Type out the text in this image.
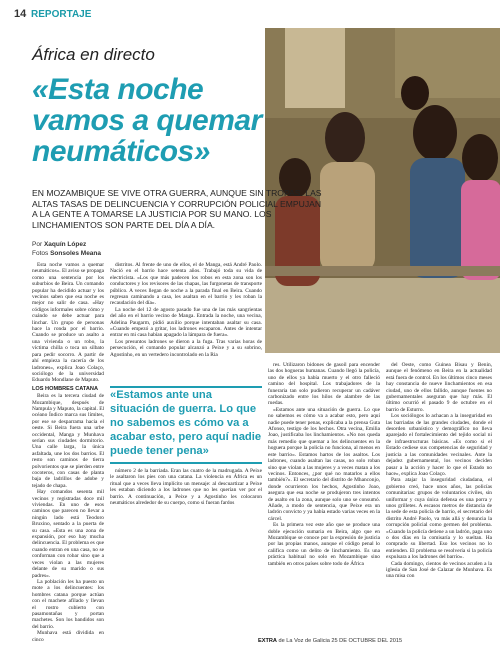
14 REPORTAJE
África en directo
«Esta noche vamos a quemar neumáticos»
EN MOZAMBIQUE SE VIVE OTRA GUERRA, AUNQUE SIN TROPAS. LAS ALTAS TASAS DE DELINCUENCIA Y CORRUPCIÓN POLICIAL EMPUJAN A LA GENTE A TOMARSE LA JUSTICIA POR SU MANO. LOS LINCHAMIENTOS SON PARTE DEL DÍA A DÍA.
Por Xaquín López
Fotos Sonsoles Meana

Esta noche vamos a quemar neumáticos». El aviso se propaga como una sentencia por los suburbios de Beira. Un comando popular ha decidido actuar y los vecinos saben que esa noche es mejor no salir de casa. «Hay códigos informales sobre cómo y cuándo se debe actuar para linchar. Un grupo de personas hace la ronda por el barrio. Cuando se produce un asalto a una vivienda o un robo, la víctima chilla o toca un silbato para pedir socorro. A partir de ahí empieza la cacería de los ladrones», explica Joao Colaço, sociólogo de la universidad Eduardo Mondlane de Maputo.

LOS HOMBRES CATANA

Beira es la tercera ciudad de Mozambique, después de Nampula y Maputo, la capital. El océano Índico marca sus límites, por ese se desparrama hacia el oeste. Si Beira fuera una urbe occidental, Manga y Munhava serían sus ciudades dormitorio. Una calle larga, la única asfaltada, une los dos barrios. El resto son caminos de tierra polvorientos que se pierden entre cocoteros, con casas de planta baja de ladrillos de adobe y tejado de chapa.

Hay comandos sesenta mil vecinos y registradas doce mil viviendas. En uno de esos caminos que parecen no llevar a ningún lado está Teodoro Bruxino, sentado a la puerta de su casa. «Esta es una zona de expansión, por eso hay mucha delincuencia. El problema es que cuando entran en una casa, no se conforman con robar sino que a veces violan a las mujeres delante de su marido o sus padres».

La población les ha puesto un mote a los delincuentes: los hombres catana porque actúan con el machete afilado y llevan el rostro cubierto con pasamontañas y portan machetes. Son los bandidos son del barrio.

Munhava está dividida en cinco

distritos. Al frente de uno de ellos, el de Manga, está André Paolo. Nació en el barrio hace setenta años. Trabajó toda su vida de electricista. «Los que más padecen los robos en esta zona son los conductores y los revisores de las chapas, las furgonetas de transporte público. A veces llegan de noche a la parada final en Beira. Cuando regresan caminando a casa, les asaltan en el barrio y les roban la recaudación del día».

La noche del 12 de agosto pasado fue una de las más sangrientas del año en el barrio vecino de Manga. Entrada la noche, una vecina, Adelina Paugarm, pidió auxilio porque intentaban asaltar su casa. «Cuando empezó a gritar, los ladrones escaparon. Antes de intentar entrar en mi casa habían apagado la lámpara de fuera».

Los presuntos ladrones se dieron a la fuga. Tras varias horas de persecución, el comando popular alcanzó a Peixe y a su sobrino, Agostinho, en un vertedero incontrolado en la Ria

«Estamos ante una situación de guerra. Lo que no sabemos es cómo va a acabar esto, pero aquí nadie puede tener pena»

número 2 de la barriada. Eran las cuatro de la madrugada. A Peixe le asaltaron los pies con una catana. La violencia en África es un ritual que a veces lleva implícito un mensaje: al descuartizar a Peixe les estaban diciendo a los ladrones que no les querían ver por el barrio. A continuación, a Peixe y a Agostinho les colocaron neumáticos alrededor de su cuerpo, como si fueran fardos

res. Utilizaron bidones de gasoil para encender las dos hogueras humanas. Cuando llegó la policía, uno de ellos ya había muerto y el otro falleció camino del hospital. Los trabajadores de la funeraria tan solo pudieron recuperar un cadáver carbonizado entre los hilos de alambre de las ruedas.

«Estamos ante una situación de guerra. Lo que no sabemos es cómo va a acabar esto, pero aquí nadie puede tener penas, explicaba a la prensa Guta Afonso, testigo de los hechos. Otra vecina, Emilia Joao, justificaba los linchamientos. «No nos queda más remedio que quemar a los delincuentes en la hoguera porque la policía no funciona, al menos en este barrio». Estamos hartos de los asaltos. Los ladrones, cuando asaltan las casas, no solo roban sino que violan a las mujeres y a veces matan a los vecinos. Entonces, ¿por qué no matarlos a ellos también?». El secretario del distrito de Mhanconjo, donde ocurrieron los hechos, Agostinho Joao, asegura que esa noche se produjeron tres intentos de asalto en la zona, aunque solo uno se consumó. Añade, a modo de sentencia, que Peixe era un ladrón convicto y ya había estado varias veces en la cárcel.

Es la primera vez este año que se produce una doble ejecución sumaria en Beira, algo que en Mozambique se conoce por la expresión de justicia por las propias manos, aunque el código penal lo califica como un delito de linchamiento. Es una práctica habitual no solo en Mozambique sino también en otros países sobre todo de África

del Oeste, como Guinea Bisau y Benin, aunque el fenómeno en Beira en la actualidad está fuera de control. En los últimos cinco meses hay constancia de nueve linchamientos en esa ciudad, uno de ellos fallido, aunque fuentes no gubernamentales aseguran que hay más. El último ocurrió el pasado 9 de octubre en el barrio de Esturro.

Los sociólogos lo achacan a la inseguridad en las barriadas de las grandes ciudades, donde el desorden urbanístico y demográfico no lleva aparejado el fortalecimiento del tejido social ni de infraestructuras básicas. «Es como si el Estado cediese sus competencias de seguridad y justicia a las comunidades vecinales. Ante la dejadez gubernamental, los vecinos deciden pasar a la acción y hacer lo que el Estado no hace», explica Joao Colaço.

Para atajar la inseguridad ciudadana, el gobierno creó, hace unos años, las policías comunitarias: grupos de voluntarios civiles, sin uniformar y cuya única defensa es una porra y unos grilletes. A escasos metros de distancia de la sede de esta policía de barrio, el secretario del distrito André Paolo, va más allá y denuncia la corrupción policial como germen del problema. «Cuando la policía detiene a un ladrón, paga uno o dos días en la comisaría y lo sueltan. Ha comprado su libertad. Eso los vecinos no lo entienden. El problema se resolvería si la policía expulsara a los ladrones del barrio».

Cada domingo, cientos de vecinos acuden a la iglesia de San José de Calazar de Munhava. Es una misa con

EXTRA de La Voz de Galicia 25 DE OCTUBRE DEL 2015
